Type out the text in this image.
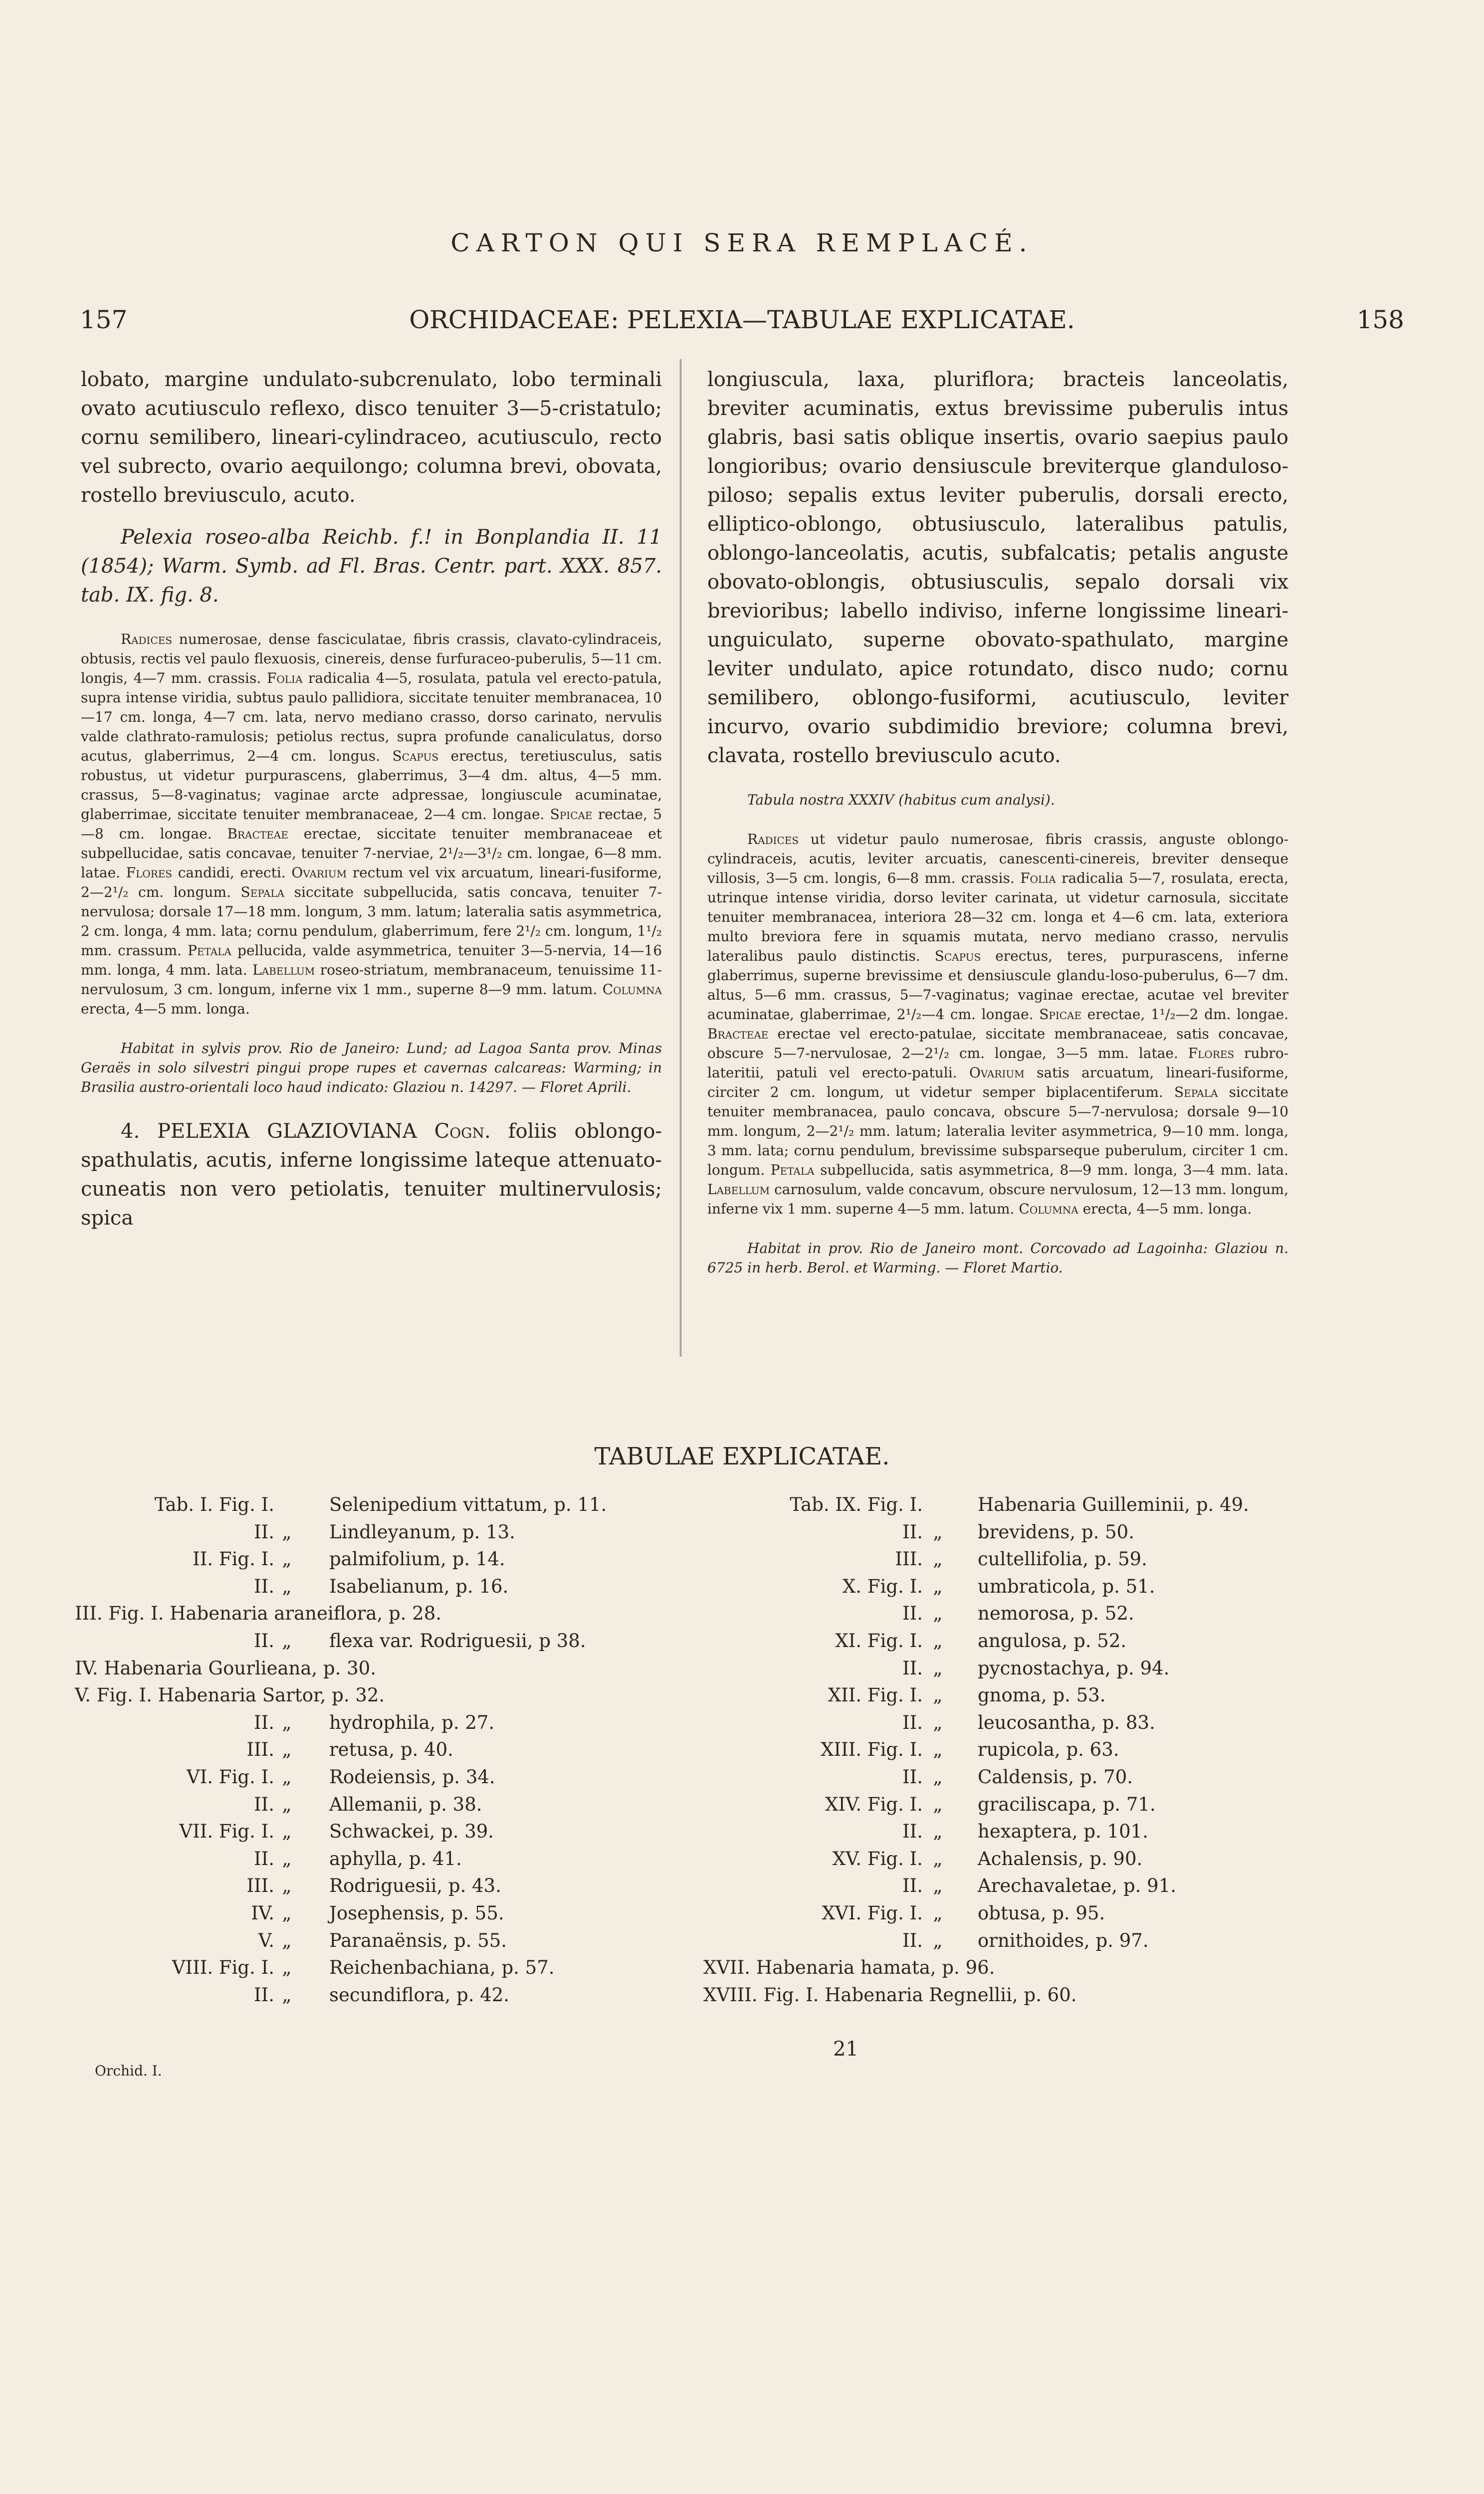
CARTON QUI SERA REMPLACÉ.
157	ORCHIDACEAE: PELEXIA—TABULAE EXPLICATAE.	158

lobato, margine undulato-subcrenulato, lobo terminali ovato acutiusculo reflexo, disco tenuiter 3—5-cristatulo; cornu semilibero, lineari-cylindraceo, acutiusculo, recto vel subrecto, ovario aequilongo; columna brevi, obovata, rostello breviusculo, acuto.

Pelexia roseo-alba Reichb. f.! in Bonplandia II. 11 (1854); Warm. Symb. ad Fl. Bras. Centr. part. XXX. 857. tab. IX. fig. 8.

Radices numerosae, dense fasciculatae, fibris crassis, clavato-cylindraceis, obtusis, rectis vel paulo flexuosis, cinereis, dense furfuraceo-puberulis, 5—11 cm. longis, 4—7 mm. crassis. Folia radicalia 4—5, rosulata, patula vel erecto-patula, supra intense viridia, subtus paulo pallidiora, siccitate tenuiter membranacea, 10—17 cm. longa, 4—7 cm. lata, nervo mediano crasso, dorso carinato, nervulis valde clathrato-ramulosis; petiolus rectus, supra profunde canaliculatus, dorso acutus, glaberrimus, 2—4 cm. longus. Scapus erectus, teretiusculus, satis robustus, ut videtur purpurascens, glaberrimus, 3—4 dm. altus, 4—5 mm. crassus, 5—8-vaginatus; vaginae arcte adpressae, longiuscule acuminatae, glaberrimae, siccitate tenuiter membranaceae, 2—4 cm. longae. Spicae rectae, 5—8 cm. longae. Bracteae erectae, siccitate tenuiter membranaceae et subpellucidae, satis concavae, tenuiter 7-nerviae, 2¹/₂—3¹/₂ cm. longae, 6—8 mm. latae. Flores candidi, erecti. Ovarium rectum vel vix arcuatum, lineari-fusiforme, 2—2¹/₂ cm. longum. Sepala siccitate subpellucida, satis concava, tenuiter 7-nervulosa; dorsale 17—18 mm. longum, 3 mm. latum; lateralia satis asymmetrica, 2 cm. longa, 4 mm. lata; cornu pendulum, glaberrimum, fere 2¹/₂ cm. longum, 1¹/₂ mm. crassum. Petala pellucida, valde asymmetrica, tenuiter 3—5-nervia, 14—16 mm. longa, 4 mm. lata. Labellum roseo-striatum, membranaceum, tenuissime 11-nervulosum, 3 cm. longum, inferne vix 1 mm., superne 8—9 mm. latum. Columna erecta, 4—5 mm. longa.

Habitat in sylvis prov. Rio de Janeiro: Lund; ad Lagoa Santa prov. Minas Geraës in solo silvestri pingui prope rupes et cavernas calcareas: Warming; in Brasilia austro-orientali loco haud indicato: Glaziou n. 14297. — Floret Aprili.

4. PELEXIA GLAZIOVIANA Cogn. foliis oblongo-spathulatis, acutis, inferne longissime lateque attenuato-cuneatis non vero petiolatis, tenuiter multinervulosis; spica

longiuscula, laxa, pluriflora; bracteis lanceolatis, breviter acuminatis, extus brevissime puberulis intus glabris, basi satis oblique insertis, ovario saepius paulo longioribus; ovario densiuscule breviterque glanduloso-piloso; sepalis extus leviter puberulis, dorsali erecto, elliptico-oblongo, obtusiusculo, lateralibus patulis, oblongo-lanceolatis, acutis, subfalcatis; petalis anguste obovato-oblongis, obtusiusculis, sepalo dorsali vix brevioribus; labello indiviso, inferne longissime lineari-unguiculato, superne obovato-spathulato, margine leviter undulato, apice rotundato, disco nudo; cornu semilibero, oblongo-fusiformi, acutiusculo, leviter incurvo, ovario subdimidio breviore; columna brevi, clavata, rostello breviusculo acuto.

Tabula nostra XXXIV (habitus cum analysi).

Radices ut videtur paulo numerosae, fibris crassis, anguste oblongo-cylindraceis, acutis, leviter arcuatis, canescenti-cinereis, breviter denseque villosis, 3—5 cm. longis, 6—8 mm. crassis. Folia radicalia 5—7, rosulata, erecta, utrinque intense viridia, dorso leviter carinata, ut videtur carnosula, siccitate tenuiter membranacea, interiora 28—32 cm. longa et 4—6 cm. lata, exteriora multo breviora fere in squamis mutata, nervo mediano crasso, nervulis lateralibus paulo distinctis. Scapus erectus, teres, purpurascens, inferne glaberrimus, superne brevissime et densiuscule glandu-loso-puberulus, 6—7 dm. altus, 5—6 mm. crassus, 5—7-vaginatus; vaginae erectae, acutae vel breviter acuminatae, glaberrimae, 2¹/₂—4 cm. longae. Spicae erectae, 1¹/₂—2 dm. longae. Bracteae erectae vel erecto-patulae, siccitate membranaceae, satis concavae, obscure 5—7-nervulosae, 2—2¹/₂ cm. longae, 3—5 mm. latae. Flores rubro-lateritii, patuli vel erecto-patuli. Ovarium satis arcuatum, lineari-fusiforme, circiter 2 cm. longum, ut videtur semper biplacentiferum. Sepala siccitate tenuiter membranacea, paulo concava, obscure 5—7-nervulosa; dorsale 9—10 mm. longum, 2—2¹/₂ mm. latum; lateralia leviter asymmetrica, 9—10 mm. longa, 3 mm. lata; cornu pendulum, brevissime subsparseque puberulum, circiter 1 cm. longum. Petala subpellucida, satis asymmetrica, 8—9 mm. longa, 3—4 mm. lata. Labellum carnosulum, valde concavum, obscure nervulosum, 12—13 mm. longum, inferne vix 1 mm. superne 4—5 mm. latum. Columna erecta, 4—5 mm. longa.

Habitat in prov. Rio de Janeiro mont. Corcovado ad Lagoinha: Glaziou n. 6725 in herb. Berol. et Warming. — Floret Martio.

TABULAE EXPLICATAE.
Tab. I. Fig. I.	Selenipedium vittatum, p. 11.
II. „	Lindleyanum, p. 13.
II. Fig. I. „	palmifolium, p. 14.
II. „	Isabelianum, p. 16.
III. Fig. I. Habenaria araneiflora, p. 28.
II. „	flexa var. Rodriguesii, p 38.
IV. Habenaria Gourlieana, p. 30.
V. Fig. I. Habenaria Sartor, p. 32.
II. „	hydrophila, p. 27.
III. „	retusa, p. 40.
VI. Fig. I. „	Rodeiensis, p. 34.
II. „	Allemanii, p. 38.
VII. Fig. I. „	Schwackei, p. 39.
II. „	aphylla, p. 41.
III. „	Rodriguesii, p. 43.
IV. „	Josephensis, p. 55.
V. „	Paranaënsis, p. 55.
VIII. Fig. I. „	Reichenbachiana, p. 57.
II. „	secundiflora, p. 42.
Tab. IX. Fig. I.	Habenaria Guilleminii, p. 49.
II. „	brevidens, p. 50.
III. „	cultellifolia, p. 59.
X. Fig. I. „	umbraticola, p. 51.
II. „	nemorosa, p. 52.
XI. Fig. I. „	angulosa, p. 52.
II. „	pycnostachya, p. 94.
XII. Fig. I. „	gnoma, p. 53.
II. „	leucosantha, p. 83.
XIII. Fig. I. „	rupicola, p. 63.
II. „	Caldensis, p. 70.
XIV. Fig. I. „	graciliscapa, p. 71.
II. „	hexaptera, p. 101.
XV. Fig. I. „	Achalensis, p. 90.
II. „	Arechavaletae, p. 91.
XVI. Fig. I. „	obtusa, p. 95.
II. „	ornithoides, p. 97.
XVII. Habenaria hamata, p. 96.
XVIII. Fig. I. Habenaria Regnellii, p. 60.
Orchid. I.
21
